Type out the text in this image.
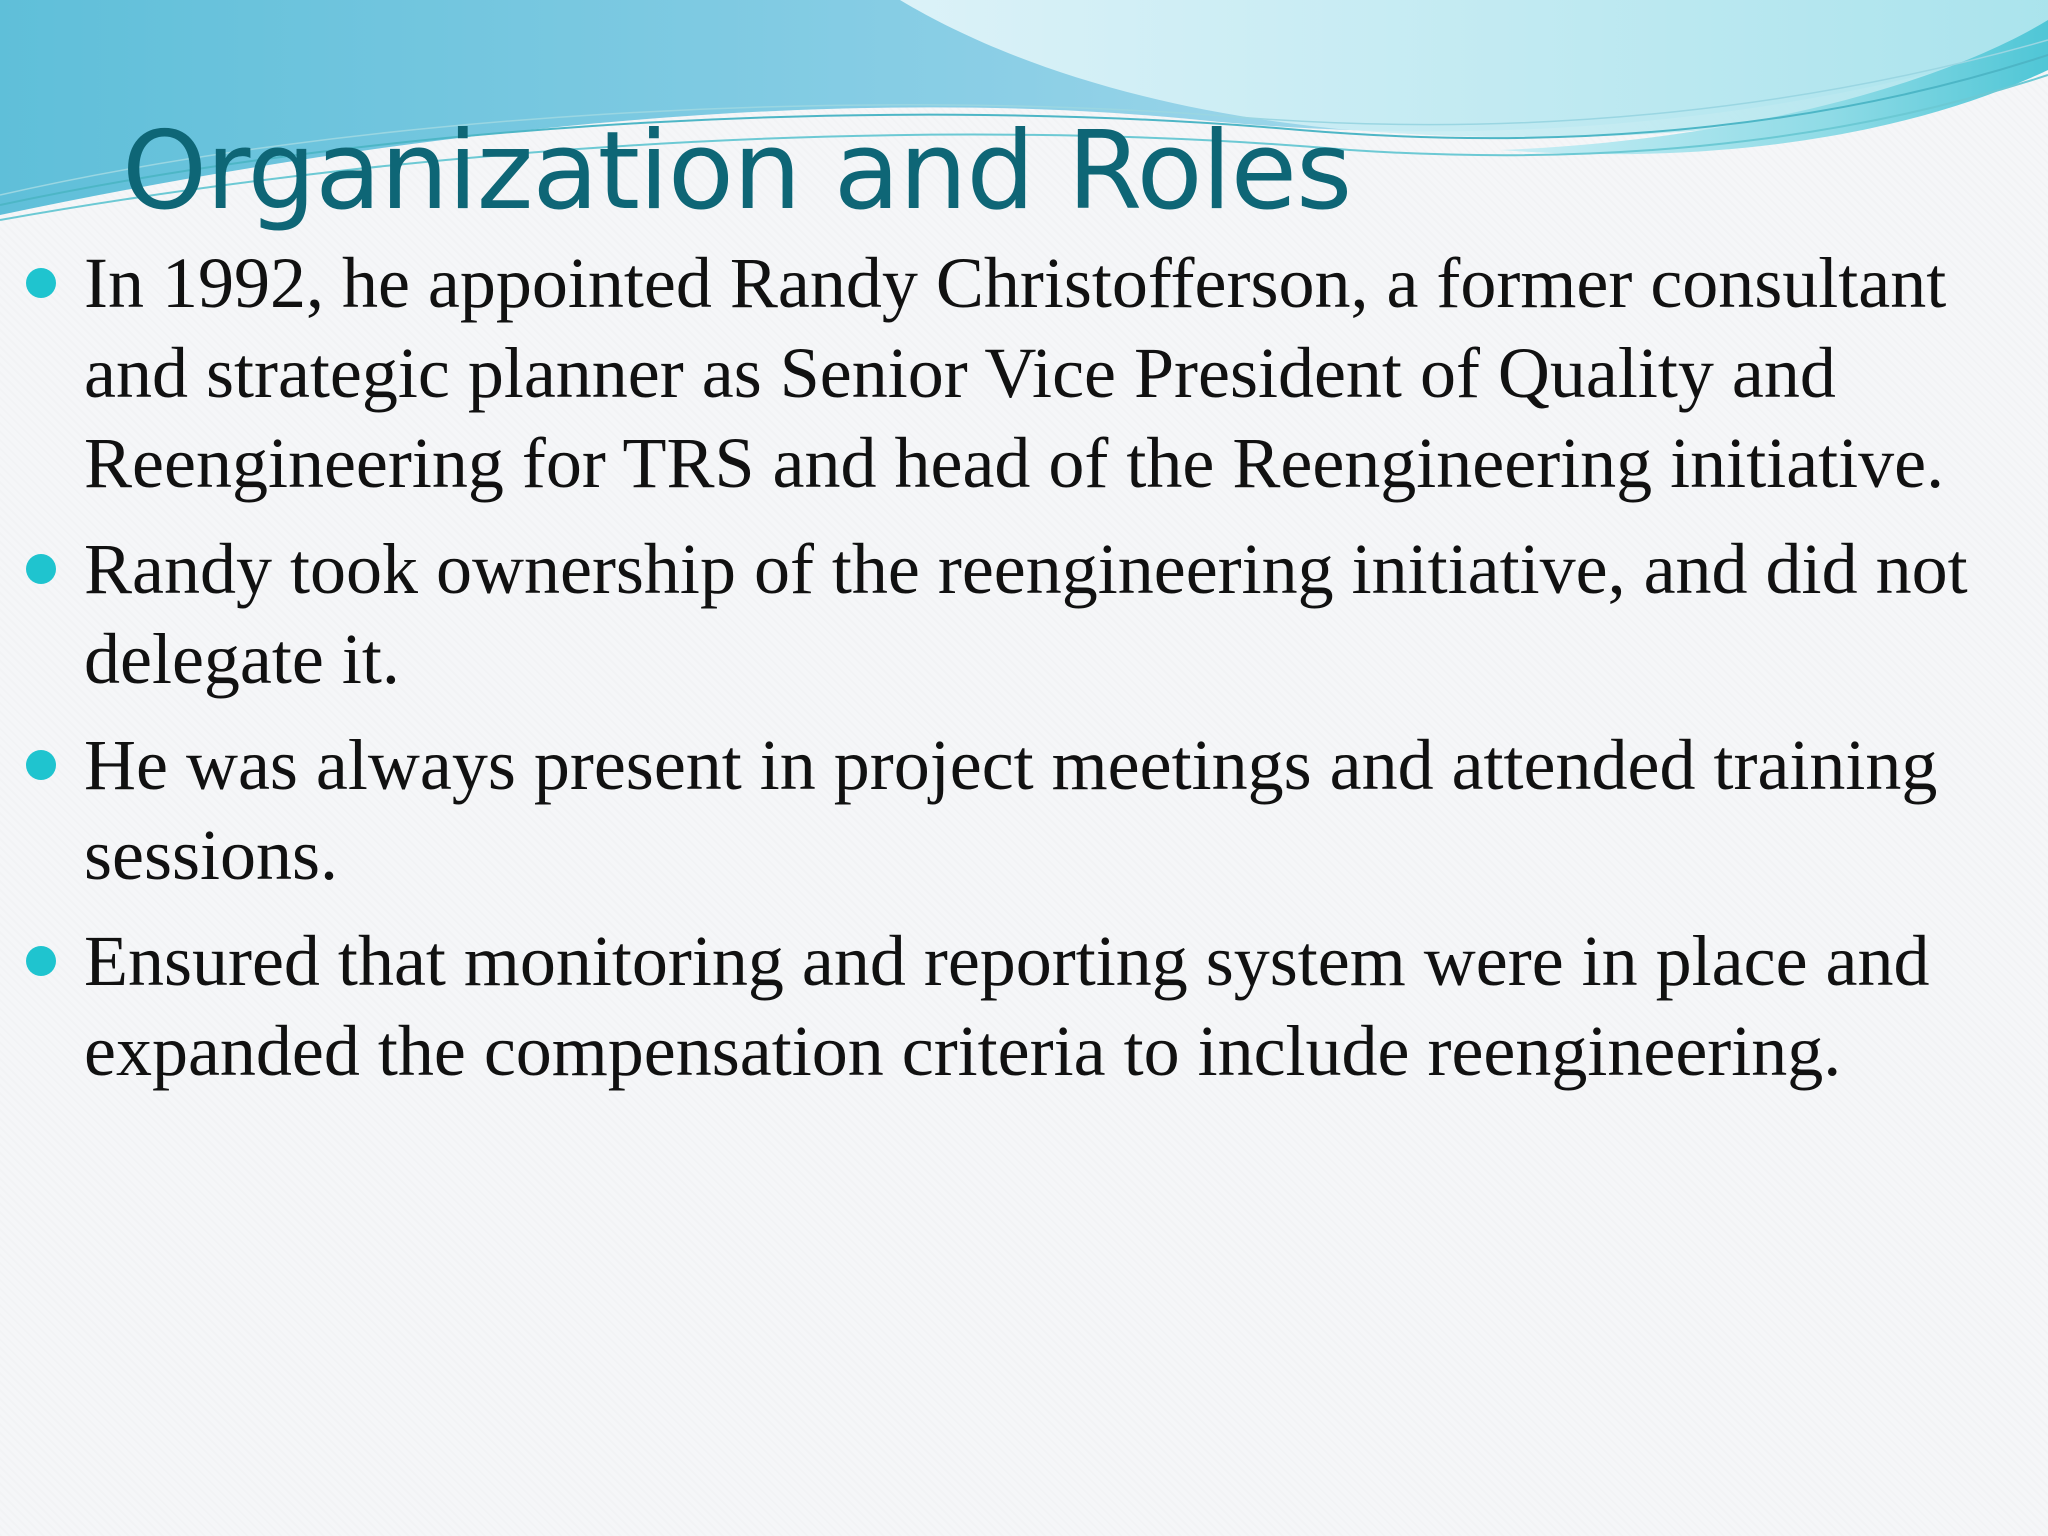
Organization and Roles
In 1992, he appointed Randy Christofferson, a former consultant and strategic planner as Senior Vice President of Quality and Reengineering for TRS and head of the Reengineering initiative.
Randy took ownership of the reengineering initiative, and did not delegate it.
He was always present in project meetings and attended training sessions.
Ensured that monitoring and reporting system were in place and expanded the compensation criteria to include reengineering.
